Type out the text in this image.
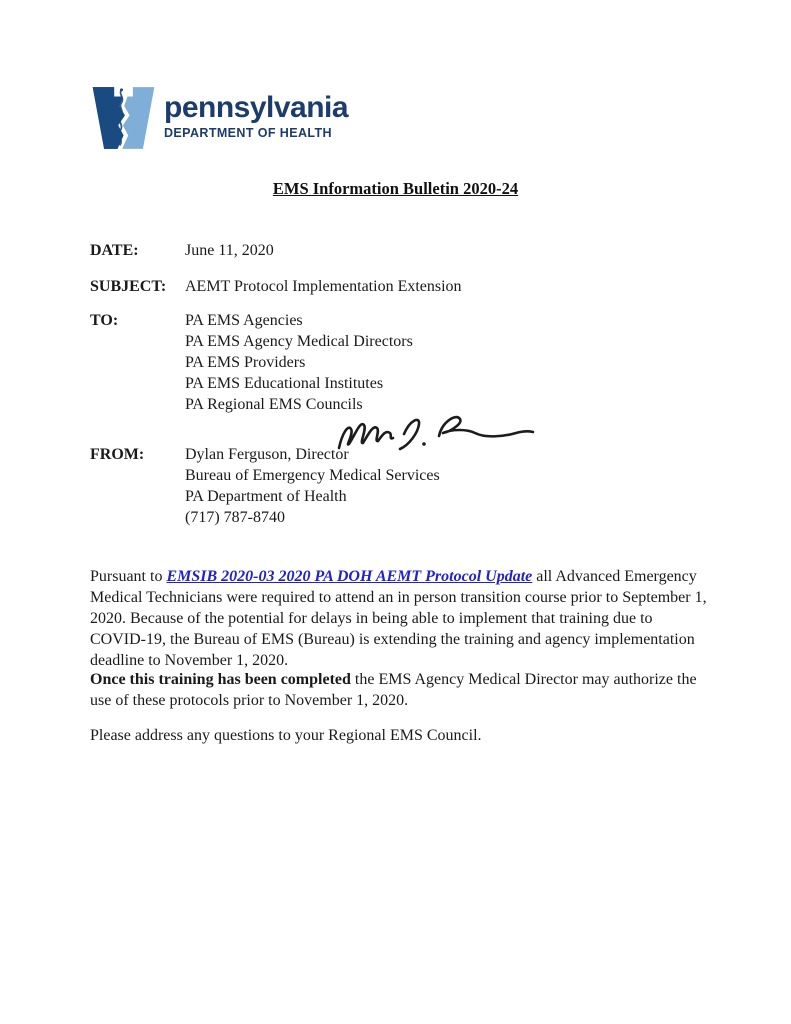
pennsylvania
DEPARTMENT OF HEALTH
EMS Information Bulletin 2020-24
DATE:	June 11, 2020
SUBJECT:	AEMT Protocol Implementation Extension
TO:	PA EMS Agencies
PA EMS Agency Medical Directors
PA EMS Providers
PA EMS Educational Institutes
PA Regional EMS Councils
FROM:	Dylan Ferguson, Director
Bureau of Emergency Medical Services
PA Department of Health
(717) 787-8740

Pursuant to EMSIB 2020-03 2020 PA DOH AEMT Protocol Update all Advanced Emergency Medical Technicians were required to attend an in person transition course prior to September 1, 2020. Because of the potential for delays in being able to implement that training due to COVID-19, the Bureau of EMS (Bureau) is extending the training and agency implementation deadline to November 1, 2020.

Once this training has been completed the EMS Agency Medical Director may authorize the use of these protocols prior to November 1, 2020.

Please address any questions to your Regional EMS Council.
